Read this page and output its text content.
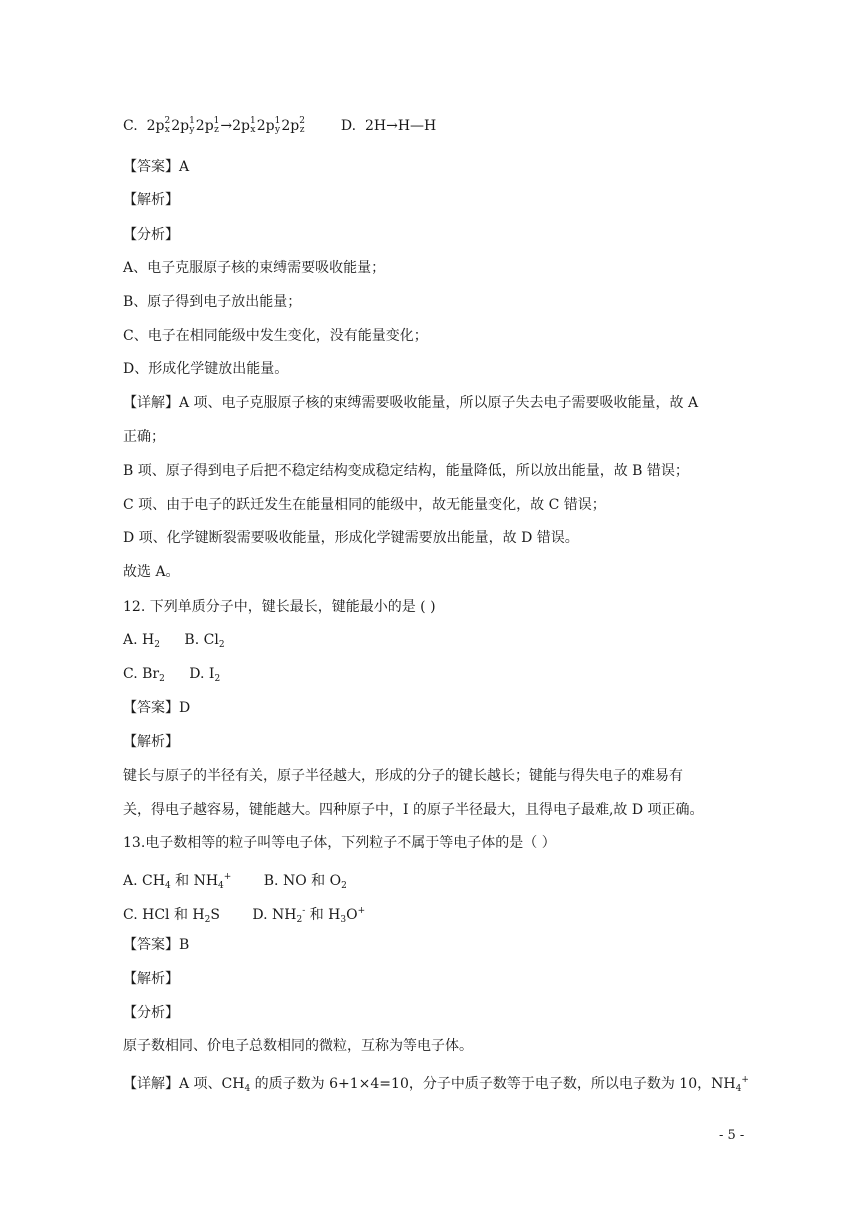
C. 2p 2
x 2p 1
y 2p 1
z →2p 1
x 2p 1
y 2p 2
z	D. 2H→H—H
【答案】A
【解析】
【分析】
A、电子克服原子核的束缚需要吸收能量；
B、原子得到电子放出能量；
C、电子在相同能级中发生变化，没有能量变化；
D、形成化学键放出能量。
【详解】A 项、电子克服原子核的束缚需要吸收能量，所以原子失去电子需要吸收能量，故 A
正确；
B 项、原子得到电子后把不稳定结构变成稳定结构，能量降低，所以放出能量，故 B 错误；
C 项、由于电子的跃迁发生在能量相同的能级中，故无能量变化，故 C 错误；
D 项、化学键断裂需要吸收能量，形成化学键需要放出能量，故 D 错误。
故选 A。
12. 下列单质分子中，键长最长，键能最小的是 ( )
A. $H_2$ B. $Cl_2$
C. $Br_2$ D. $I_2$
【答案】D
【解析】
键长与原子的半径有关，原子半径越大，形成的分子的键长越长；键能与得失电子的难易有
关，得电子越容易，键能越大。四种原子中，I 的原子半径最大，且得电子最难,故 D 项正确。
13.电子数相等的粒子叫等电子体，下列粒子不属于等电子体的是（ ）
A. $CH_4$ 和 $NH_4^+$ B. NO 和 $O_2$
C. HCl 和 $H_2S$ D. $NH_2^-$ 和 $H_3O^+$
【答案】B
【解析】
【分析】
原子数相同、价电子总数相同的微粒，互称为等电子体。
【详解】A 项、$CH_4$ 的质子数为 6+1×4=10，分子中质子数等于电子数，所以电子数为 10，$NH_4^+$
- 5 -
